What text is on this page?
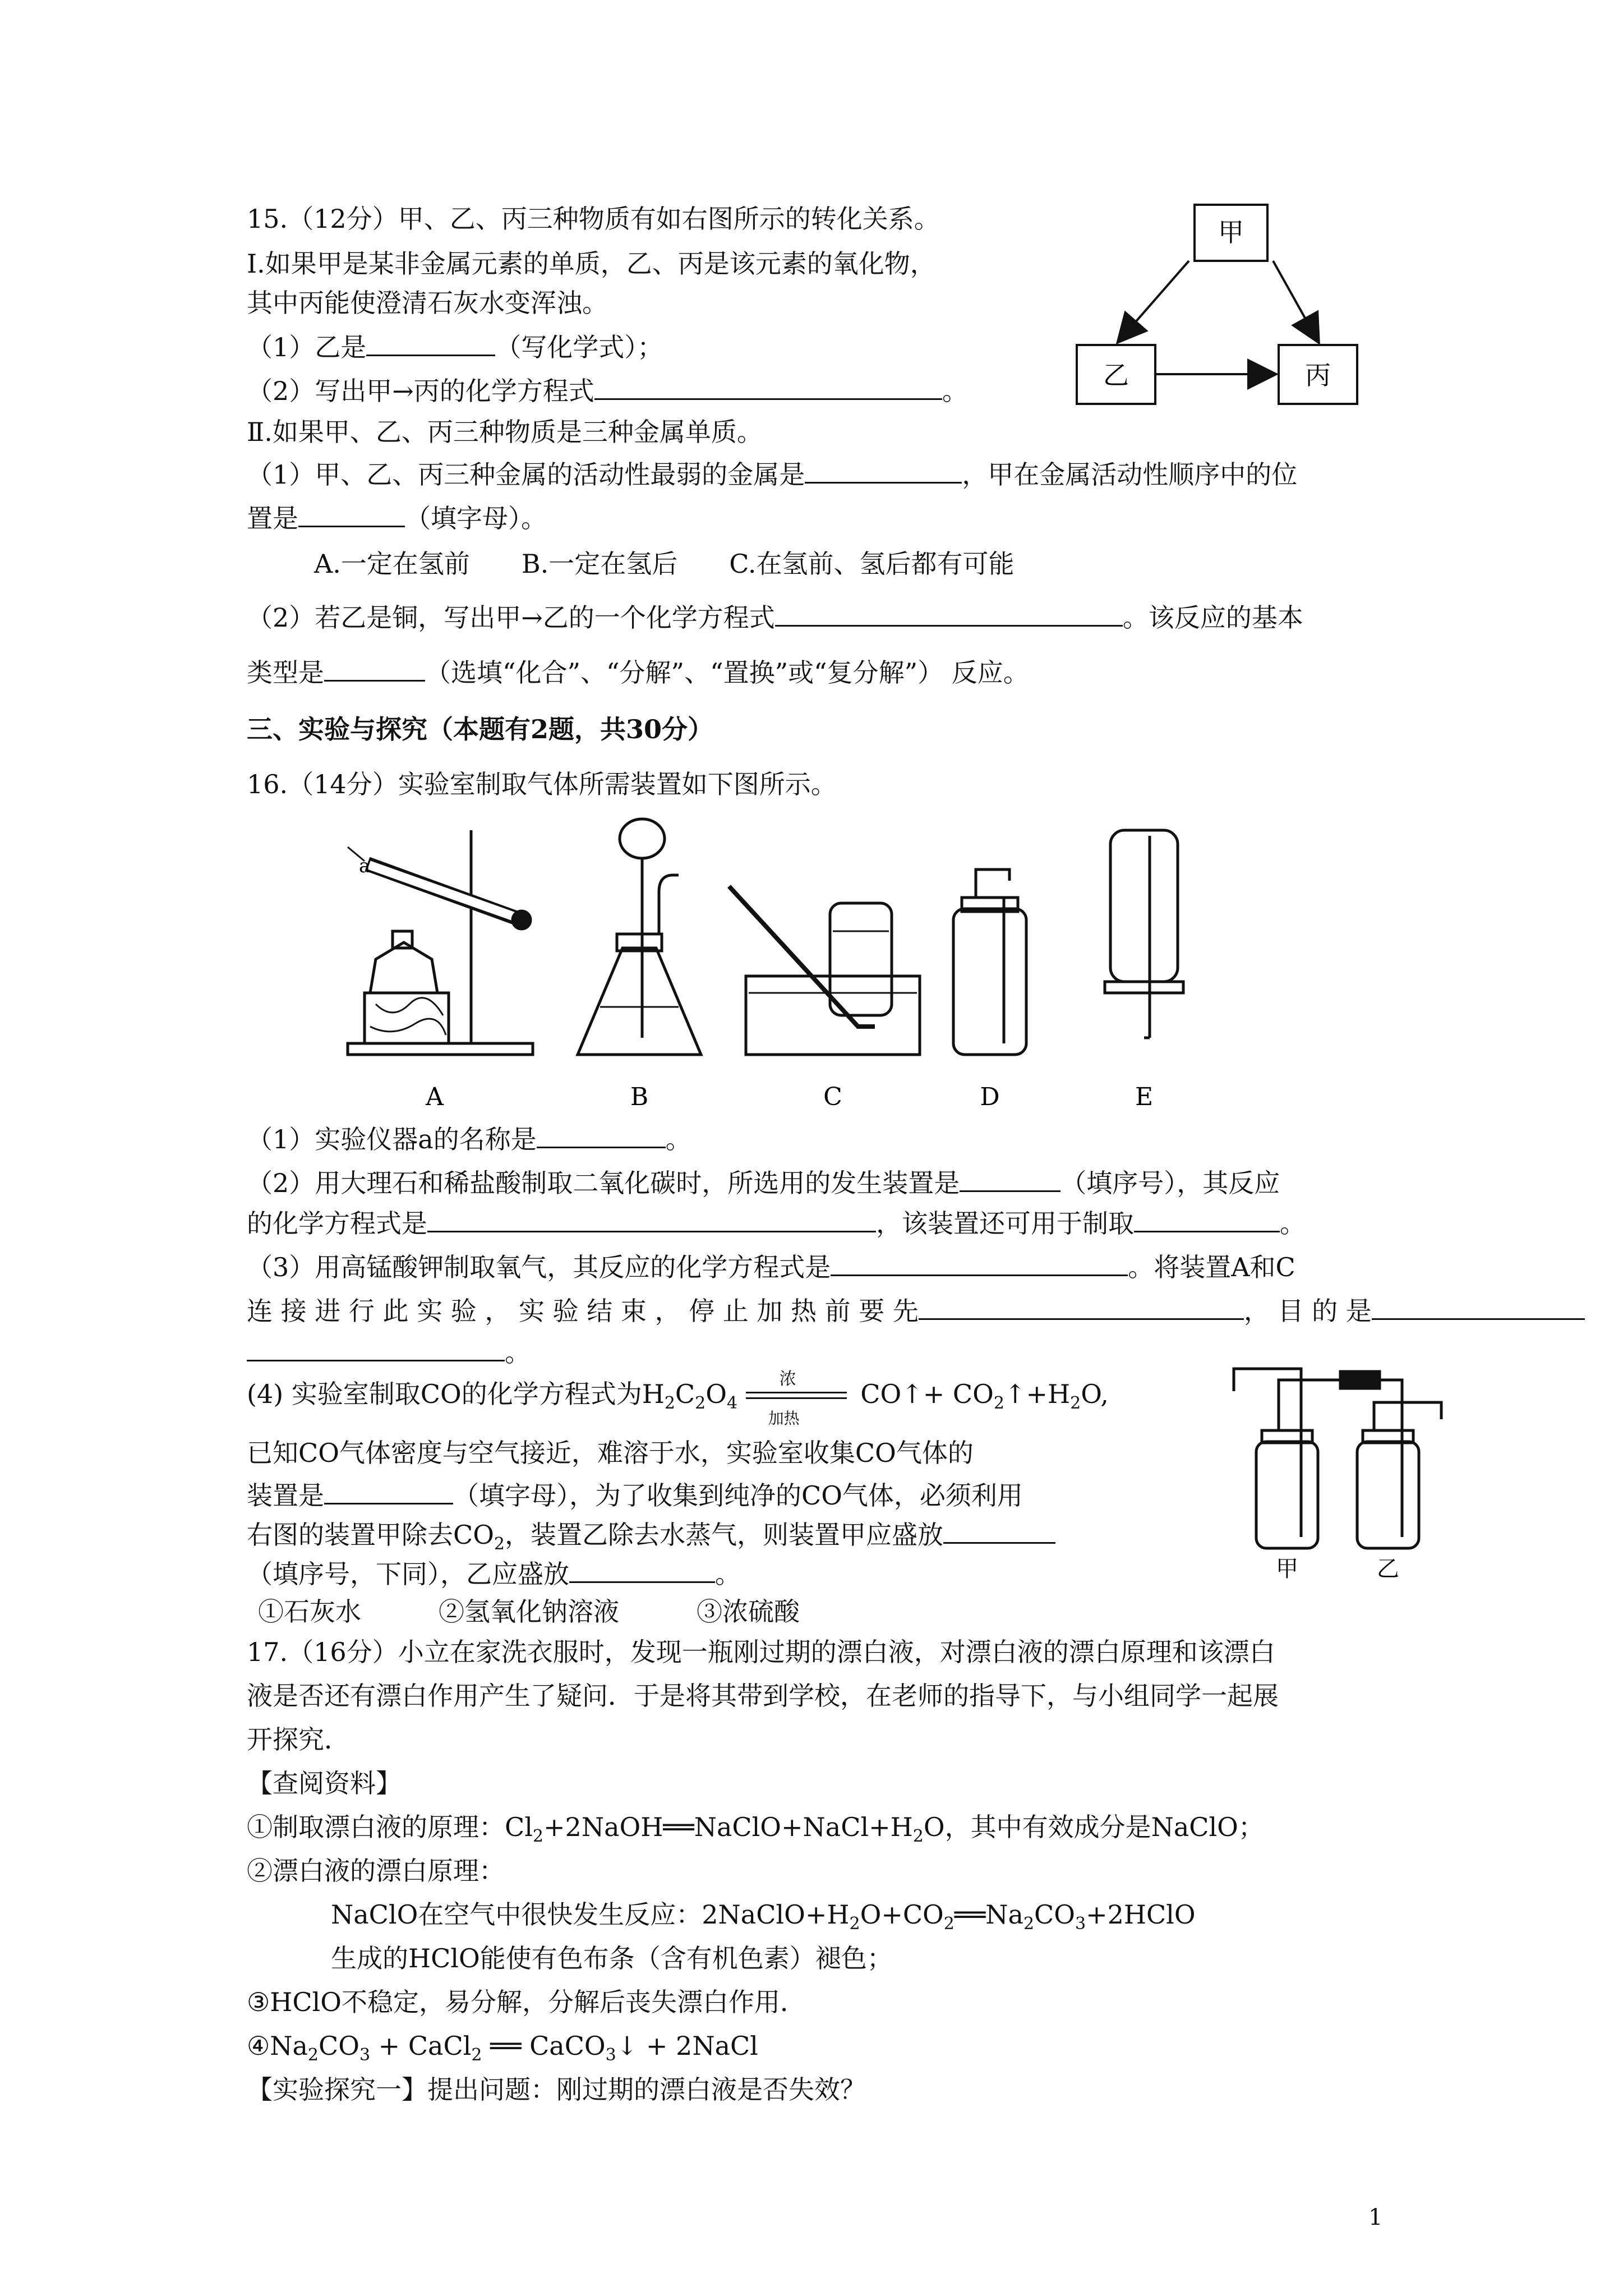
15.（12分）甲、乙、丙三种物质有如右图所示的转化关系。
Ⅰ.如果甲是某非金属元素的单质，乙、丙是该元素的氧化物，
其中丙能使澄清石灰水变浑浊。
（1）乙是	（写化学式）；
（2）写出甲→丙的化学方程式	。
Ⅱ.如果甲、乙、丙三种物质是三种金属单质。
（1）甲、乙、丙三种金属的活动性最弱的金属是	，甲在金属活动性顺序中的位
置是	（填字母）。
A.一定在氢前　　B.一定在氢后　　C.在氢前、氢后都有可能
（2）若乙是铜，写出甲→乙的一个化学方程式	。该反应的基本
类型是	（选填“化合”、“分解”、“置换”或“复分解”） 反应。
甲
乙	丙
三、实验与探究（本题有2题，共30分）
16.（14分）实验室制取气体所需装置如下图所示。
A	B	C	D	E
a
（1）实验仪器a的名称是	。
（2）用大理石和稀盐酸制取二氧化碳时，所选用的发生装置是	（填序号），其反应
的化学方程式是	，该装置还可用于制取	。
（3）用高锰酸钾制取氧气，其反应的化学方程式是	。将装置A和C
连 接 进 行 此 实 验 ， 实 验 结 束 ， 停 止 加 热 前 要 先	， 目 的 是
。
(4) 实验室制取CO的化学方程式为$H_2C_2O_4$
浓
加热
CO↑+ $CO_2↑+H_2O$,
已知CO气体密度与空气接近，难溶于水，实验室收集CO气体的
装置是	（填字母），为了收集到纯净的CO气体，必须利用
右图的装置甲除去$CO_2$，装置乙除去水蒸气，则装置甲应盛放
（填序号，下同），乙应盛放	。
①石灰水　　　②氢氧化钠溶液　　　③浓硫酸
甲	乙
17.（16分）小立在家洗衣服时，发现一瓶刚过期的漂白液，对漂白液的漂白原理和该漂白
液是否还有漂白作用产生了疑问．于是将其带到学校，在老师的指导下，与小组同学一起展
开探究．
【查阅资料】
①制取漂白液的原理：$Cl_2+2NaOH══NaClO+NaCl+H_2O$，其中有效成分是NaClO；
②漂白液的漂白原理：
NaClO在空气中很快发生反应：$2NaClO+H_2O+CO_2══Na_2CO_3+2HClO$
生成的HClO能使有色布条（含有机色素）褪色；
③HClO不稳定，易分解，分解后丧失漂白作用．
$④Na_2CO_3$ + CaCl$_2$ ══ CaCO$_3$↓ + 2NaCl
【实验探究一】提出问题：刚过期的漂白液是否失效？
1
